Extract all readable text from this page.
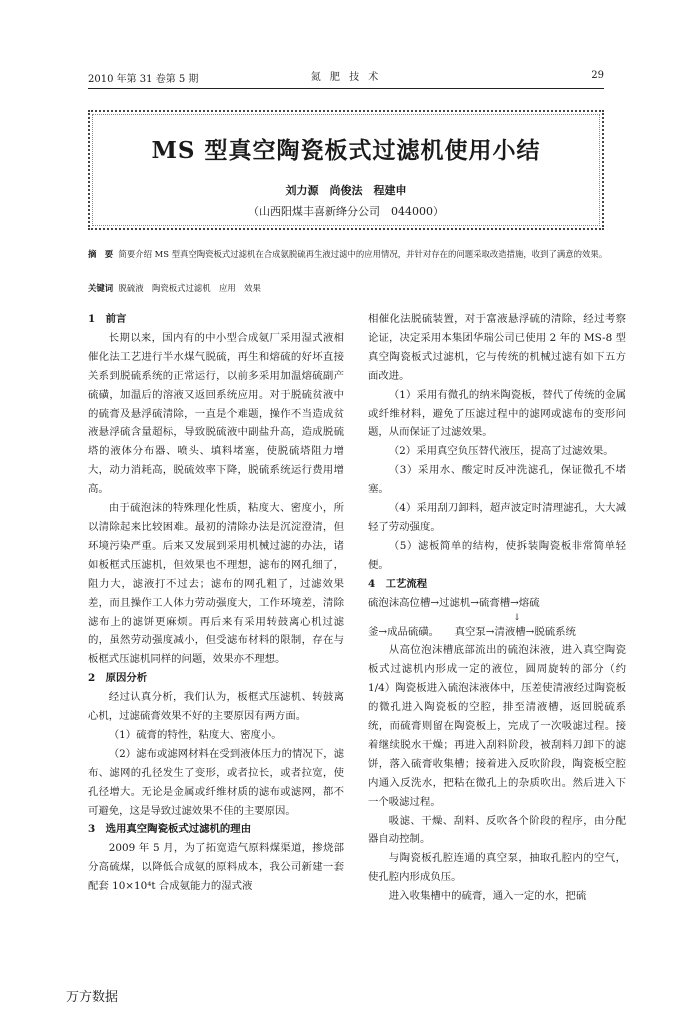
2010 年第 31 卷第 5 期	氮 肥 技 术	29
MS 型真空陶瓷板式过滤机使用小结
刘力源　尚俊法　程建申
（山西阳煤丰喜新绛分公司　044000）
摘　要 简要介绍 MS 型真空陶瓷板式过滤机在合成氨脱硫再生液过滤中的应用情况，并针对存在的问题采取改造措施，收到了满意的效果。
关键词 脱硫液　陶瓷板式过滤机　应用　效果

1　前言

长期以来，国内有的中小型合成氨厂采用湿式液相催化法工艺进行半水煤气脱硫，再生和熔硫的好坏直接关系到脱硫系统的正常运行，以前多采用加温熔硫副产硫磺，加温后的溶液又返回系统应用。对于脱硫贫液中的硫膏及悬浮硫清除，一直是个难题，操作不当造成贫液悬浮硫含量超标，导致脱硫液中副盐升高，造成脱硫塔的液体分布器、喷头、填料堵塞，使脱硫塔阻力增大，动力消耗高，脱硫效率下降，脱硫系统运行费用增高。

由于硫泡沫的特殊理化性质，粘度大、密度小，所以清除起来比较困难。最初的清除办法是沉淀澄清，但环境污染严重。后来又发展到采用机械过滤的办法，诸如板框式压滤机，但效果也不理想，滤布的网孔细了，阻力大，滤液打不过去；滤布的网孔粗了，过滤效果差，而且操作工人体力劳动强度大，工作环境差，清除滤布上的滤饼更麻烦。再后来有采用转鼓离心机过滤的，虽然劳动强度减小，但受滤布材料的限制，存在与板框式压滤机同样的问题，效果亦不理想。

2　原因分析

经过认真分析，我们认为，板框式压滤机、转鼓离心机，过滤硫膏效果不好的主要原因有两方面。

（1）硫膏的特性，粘度大、密度小。

（2）滤布或滤网材料在受到液体压力的情况下，滤布、滤网的孔径发生了变形，或者拉长，或者拉宽，使孔径增大。无论是金属或纤维材质的滤布或滤网，都不可避免，这是导致过滤效果不佳的主要原因。

3　选用真空陶瓷板式过滤机的理由

2009 年 5 月，为了拓宽造气原料煤渠道，掺烧部分高硫煤，以降低合成氨的原料成本，我公司新建一套配套 10×10⁴t 合成氨能力的湿式液

相催化法脱硫装置，对于富液悬浮硫的清除，经过考察论证，决定采用本集团华瑞公司已使用 2 年的 MS-8 型真空陶瓷板式过滤机，它与传统的机械过滤有如下五方面改进。

（1）采用有微孔的纳米陶瓷板，替代了传统的金属或纤维材料，避免了压滤过程中的滤网或滤布的变形问题，从而保证了过滤效果。

（2）采用真空负压替代液压，提高了过滤效果。

（3）采用水、酸定时反冲洗滤孔，保证微孔不堵塞。

（4）采用刮刀卸料，超声波定时清理滤孔，大大减轻了劳动强度。

（5）滤板简单的结构，使拆装陶瓷板非常简单轻便。

4　工艺流程

硫泡沫高位槽→过滤机→硫膏槽→熔硫

↓

釜→成品硫磺。　　真空泵→清液槽→脱硫系统

从高位泡沫槽底部流出的硫泡沫液，进入真空陶瓷板式过滤机内形成一定的液位，圆周旋转的部分（约 1/4）陶瓷板进入硫泡沫液体中，压差使清液经过陶瓷板的微孔进入陶瓷板的空腔，排至清液槽，返回脱硫系统，而硫膏则留在陶瓷板上，完成了一次吸滤过程。接着继续脱水干燥；再进入刮料阶段，被刮料刀卸下的滤饼，落入硫膏收集槽；接着进入反吹阶段，陶瓷板空腔内通入反洗水，把粘在微孔上的杂质吹出。然后进入下一个吸滤过程。

吸滤、干燥、刮料、反吹各个阶段的程序，由分配器自动控制。

与陶瓷板孔腔连通的真空泵，抽取孔腔内的空气，使孔腔内形成负压。

进入收集槽中的硫膏，通入一定的水，把硫

万方数据
